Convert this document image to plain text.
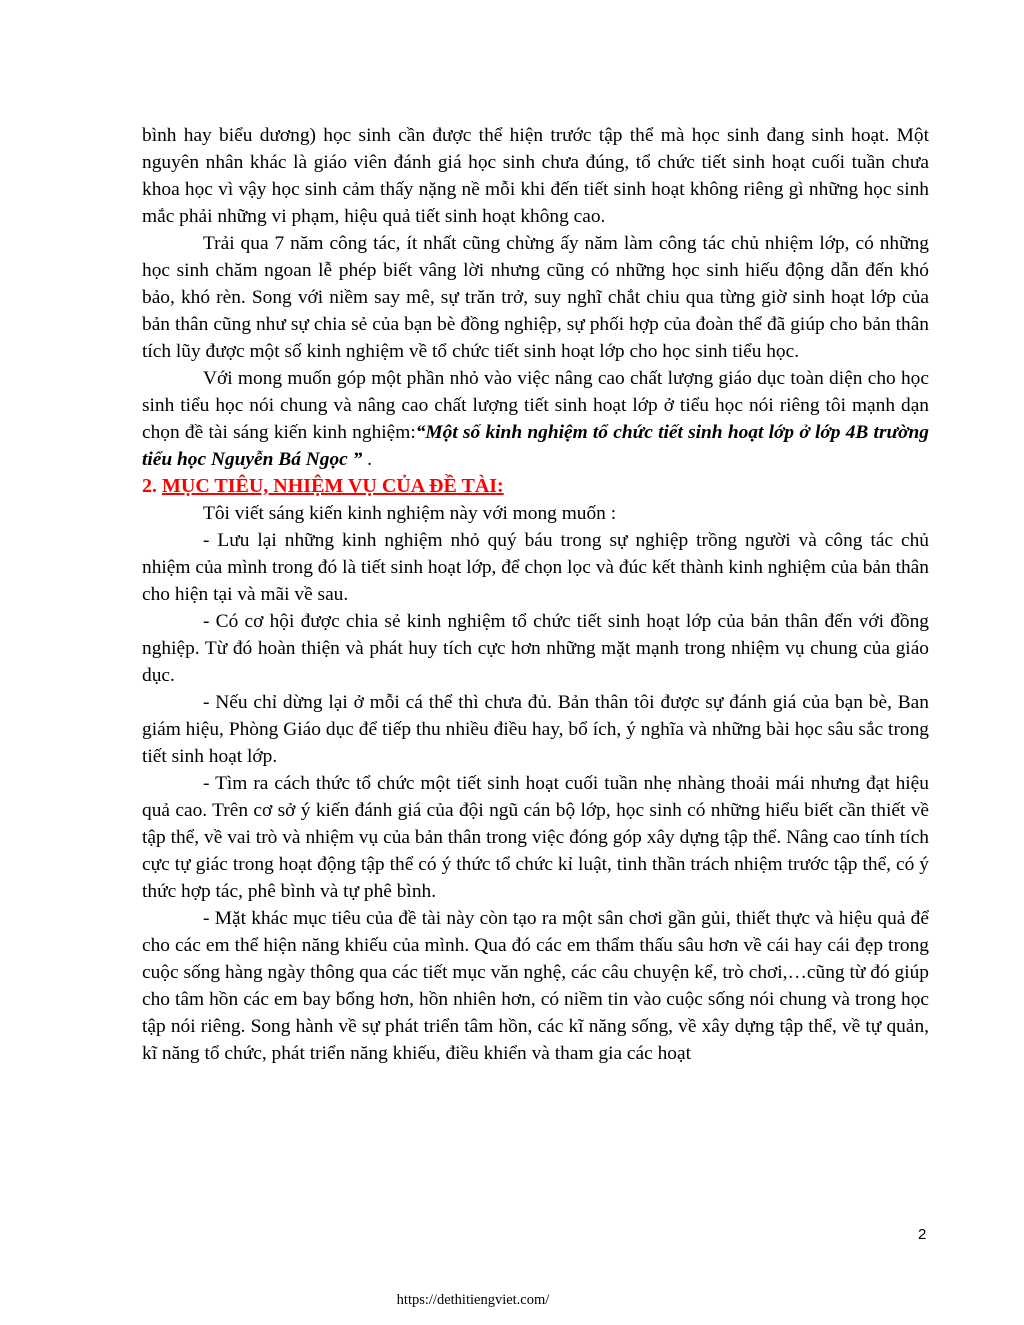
bình hay biểu dương) học sinh cần được thể hiện trước tập thể mà học sinh đang sinh hoạt. Một nguyên nhân khác là giáo viên đánh giá học sinh chưa đúng, tổ chức tiết sinh hoạt cuối tuần chưa khoa học vì vậy học sinh cảm thấy nặng nề mỗi khi đến tiết sinh hoạt không riêng gì những học sinh mắc phải những vi phạm, hiệu quả tiết sinh hoạt không cao.

Trải qua 7 năm công tác, ít nhất cũng chừng ấy năm làm công tác chủ nhiệm lớp, có những học sinh chăm ngoan lễ phép biết vâng lời nhưng cũng có những học sinh hiếu động dẫn đến khó bảo, khó rèn. Song với niềm say mê, sự trăn trở, suy nghĩ chắt chiu qua từng giờ sinh hoạt lớp của bản thân cũng như sự chia sẻ của bạn bè đồng nghiệp, sự phối hợp của đoàn thể đã giúp cho bản thân tích lũy được một số kinh nghiệm về tổ chức tiết sinh hoạt lớp cho học sinh tiểu học.

Với mong muốn góp một phần nhỏ vào việc nâng cao chất lượng giáo dục toàn diện cho học sinh tiểu học nói chung và nâng cao chất lượng tiết sinh hoạt lớp ở tiểu học nói riêng tôi mạnh dạn chọn đề tài sáng kiến kinh nghiệm:“Một số kinh nghiệm tổ chức tiết sinh hoạt lớp ở lớp 4B trường tiểu học Nguyễn Bá Ngọc ” .

2. MỤC TIÊU, NHIỆM VỤ CỦA ĐỀ TÀI:

Tôi viết sáng kiến kinh nghiệm này với mong muốn :

- Lưu lại những kinh nghiệm nhỏ quý báu trong sự nghiệp trồng người và công tác chủ nhiệm của mình trong đó là tiết sinh hoạt lớp, để chọn lọc và đúc kết thành kinh nghiệm của bản thân cho hiện tại và mãi về sau.

- Có cơ hội được chia sẻ kinh nghiệm tổ chức tiết sinh hoạt lớp của bản thân đến với đồng nghiệp. Từ đó hoàn thiện và phát huy tích cực hơn những mặt mạnh trong nhiệm vụ chung của giáo dục.

- Nếu chỉ dừng lại ở mỗi cá thể thì chưa đủ. Bản thân tôi được sự đánh giá của bạn bè, Ban giám hiệu, Phòng Giáo dục để tiếp thu nhiều điều hay, bổ ích, ý nghĩa và những bài học sâu sắc trong tiết sinh hoạt lớp.

- Tìm ra cách thức tổ chức một tiết sinh hoạt cuối tuần nhẹ nhàng thoải mái nhưng đạt hiệu quả cao. Trên cơ sở ý kiến đánh giá của đội ngũ cán bộ lớp, học sinh có những hiểu biết cần thiết về tập thể, về vai trò và nhiệm vụ của bản thân trong việc đóng góp xây dựng tập thể. Nâng cao tính tích cực tự giác trong hoạt động tập thể có ý thức tổ chức kỉ luật, tinh thần trách nhiệm trước tập thể, có ý thức hợp tác, phê bình và tự phê bình.

- Mặt khác mục tiêu của đề tài này còn tạo ra một sân chơi gần gủi, thiết thực và hiệu quả để cho các em thể hiện năng khiếu của mình. Qua đó các em thẩm thấu sâu hơn về cái hay cái đẹp trong cuộc sống hàng ngày thông qua các tiết mục văn nghệ, các câu chuyện kể, trò chơi,…cũng từ đó giúp cho tâm hồn các em bay bổng hơn, hồn nhiên hơn, có niềm tin vào cuộc sống nói chung và trong học tập nói riêng. Song hành về sự phát triển tâm hồn, các kĩ năng sống, về xây dựng tập thể, về tự quản, kĩ năng tổ chức, phát triển năng khiếu, điều khiển và tham gia các hoạt

2
https://dethitiengviet.com/
